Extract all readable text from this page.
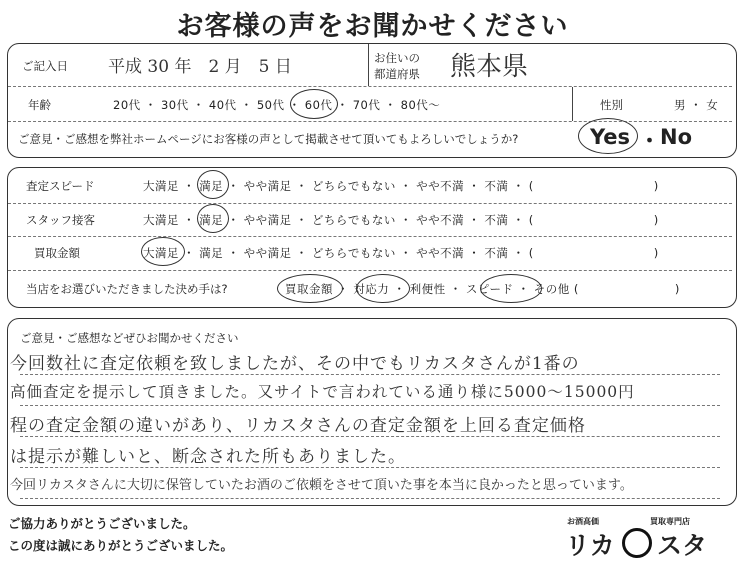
お客様の声をお聞かせください
ご記入日 平成 30 年　2 月　5 日	お住いの
都道府県 熊本県
年齢	20代 ・ 30代 ・ 40代 ・ 50代 ・ 60代 ・ 70代 ・ 80代～	性別	男 ・ 女
ご意見・ご感想を弊社ホームページにお客様の声として掲載させて頂いてもよろしいでしょうか?	Yes ・ No
査定スピード	大満足 ・ 満足 ・ やや満足 ・ どちらでもない ・ やや不満 ・ 不満 ・ (　　　　　　　　　　)
スタッフ接客	大満足 ・ 満足 ・ やや満足 ・ どちらでもない ・ やや不満 ・ 不満 ・ (　　　　　　　　　　)
買取金額	大満足 ・ 満足 ・ やや満足 ・ どちらでもない ・ やや不満 ・ 不満 ・ (　　　　　　　　　　)
当店をお選びいただきました決め手は?	買取金額 ・ 対応力 ・ 利便性 ・ スピード ・ その他 (　　　　　　　　)
ご意見・ご感想などぜひお聞かせください
今回数社に査定依頼を致しましたが、その中でもリカスタさんが1番の
高価査定を提示して頂きました。又サイトで言われている通り様に5000～15000円
程の査定金額の違いがあり、リカスタさんの査定金額を上回る査定価格
は提示が難しいと、断念された所もありました。
今回リカスタさんに大切に保管していたお酒のご依頼をさせて頂いた事を本当に良かったと思っています。
ご協力ありがとうございました。
この度は誠にありがとうございました。
お酒高価	買取専門店
リカ スタ
